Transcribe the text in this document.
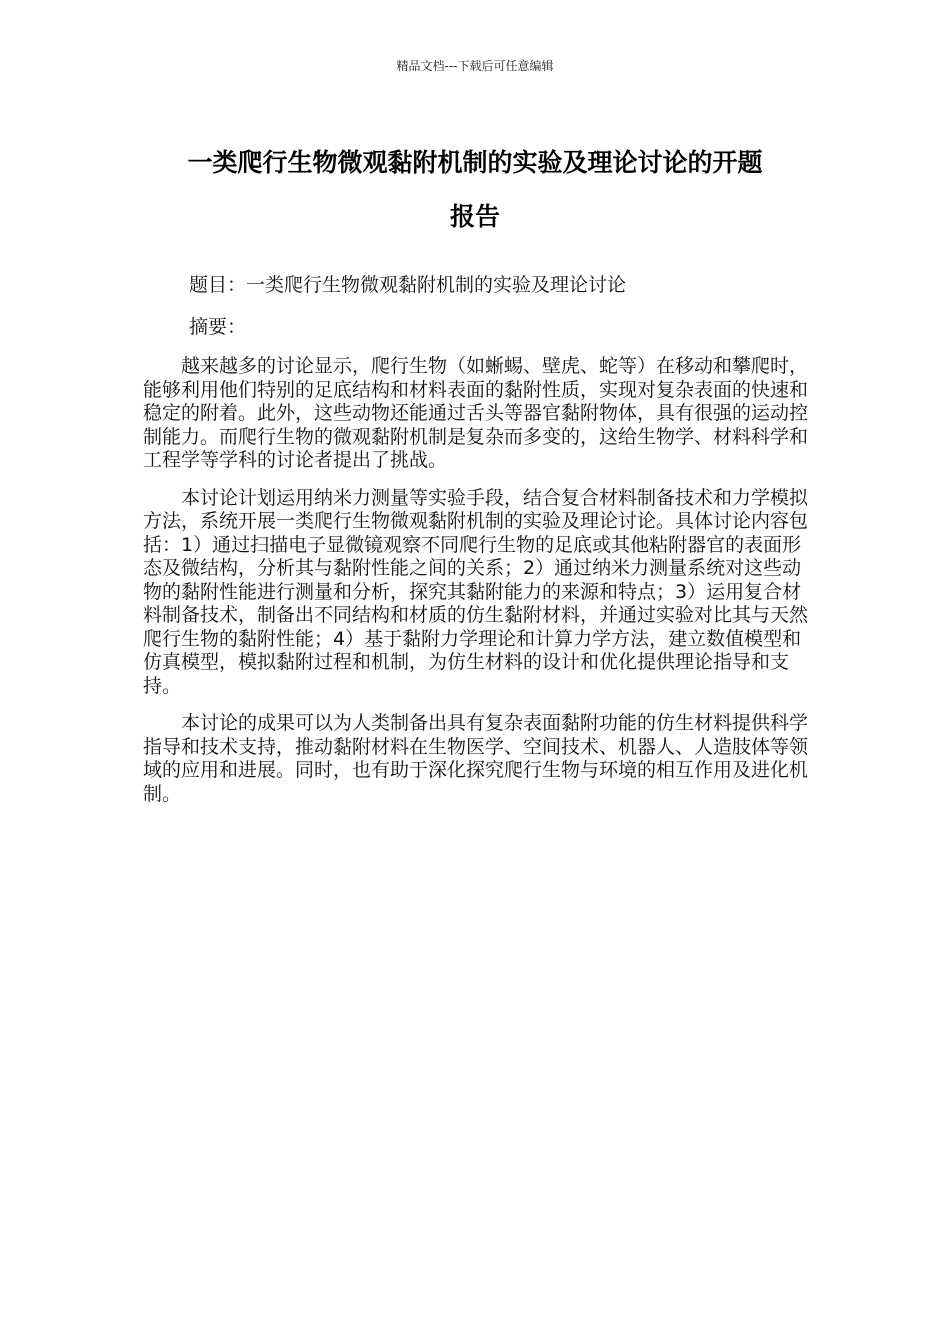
精品文档---下载后可任意编辑
一类爬行生物微观黏附机制的实验及理论讨论的开题
报告

题目：一类爬行生物微观黏附机制的实验及理论讨论

摘要：

越来越多的讨论显示，爬行生物（如蜥蜴、壁虎、蛇等）在移动和攀爬时，能够利用他们特别的足底结构和材料表面的黏附性质，实现对复杂表面的快速和稳定的附着。此外，这些动物还能通过舌头等器官黏附物体，具有很强的运动控制能力。而爬行生物的微观黏附机制是复杂而多变的，这给生物学、材料科学和工程学等学科的讨论者提出了挑战。

本讨论计划运用纳米力测量等实验手段，结合复合材料制备技术和力学模拟方法，系统开展一类爬行生物微观黏附机制的实验及理论讨论。具体讨论内容包括：1）通过扫描电子显微镜观察不同爬行生物的足底或其他粘附器官的表面形态及微结构，分析其与黏附性能之间的关系；2）通过纳米力测量系统对这些动物的黏附性能进行测量和分析，探究其黏附能力的来源和特点；3）运用复合材料制备技术，制备出不同结构和材质的仿生黏附材料，并通过实验对比其与天然爬行生物的黏附性能；4）基于黏附力学理论和计算力学方法，建立数值模型和仿真模型，模拟黏附过程和机制，为仿生材料的设计和优化提供理论指导和支持。

本讨论的成果可以为人类制备出具有复杂表面黏附功能的仿生材料提供科学指导和技术支持，推动黏附材料在生物医学、空间技术、机器人、人造肢体等领域的应用和进展。同时，也有助于深化探究爬行生物与环境的相互作用及进化机制。
